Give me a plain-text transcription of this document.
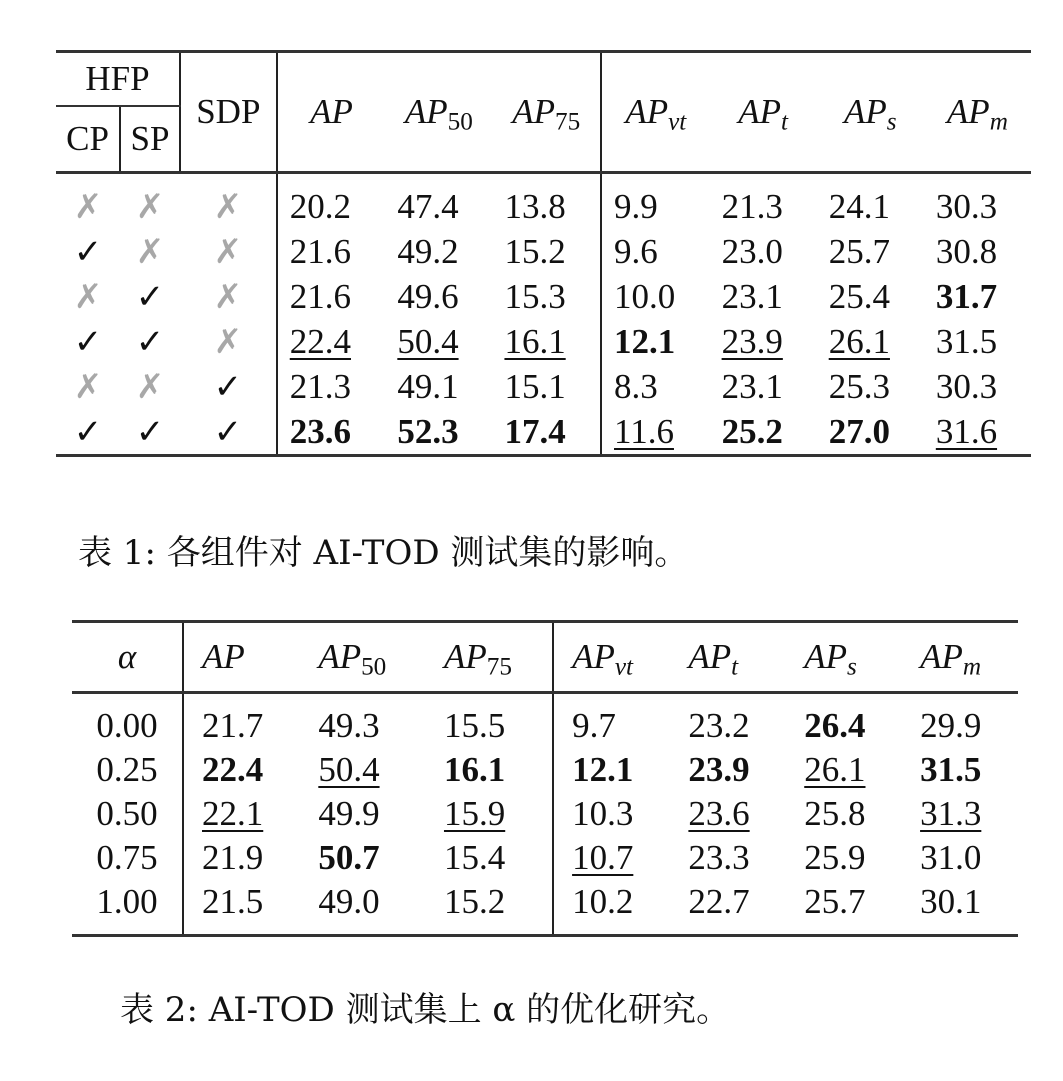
HFP		SDP	AP	$AP_{50}$	$AP_{75}$	$AP_{vt}$	$AP_t$	$AP_s$	$AP_m$
CP	SP								
✗	✗	✗	20.2	47.4	13.8	9.9	21.3	24.1	30.3
✓	✗	✗	21.6	49.2	15.2	9.6	23.0	25.7	30.8
✗	✓	✗	21.6	49.6	15.3	10.0	23.1	25.4	31.7
✓	✓	✗	22.4	50.4	16.1	12.1	23.9	26.1	31.5
✗	✗	✓	21.3	49.1	15.1	8.3	23.1	25.3	30.3
✓	✓	✓	23.6	52.3	17.4	11.6	25.2	27.0	31.6
表 1: 各组件对 AI-TOD 测试集的影响。
α	AP	$AP_{50}$	$AP_{75}$	$AP_{vt}$	$AP_t$	$AP_s$	$AP_m$
0.00	21.7	49.3	15.5	9.7	23.2	26.4	29.9
0.25	22.4	50.4	16.1	12.1	23.9	26.1	31.5
0.50	22.1	49.9	15.9	10.3	23.6	25.8	31.3
0.75	21.9	50.7	15.4	10.7	23.3	25.9	31.0
1.00	21.5	49.0	15.2	10.2	22.7	25.7	30.1
表 2: AI-TOD 测试集上 α 的优化研究。
